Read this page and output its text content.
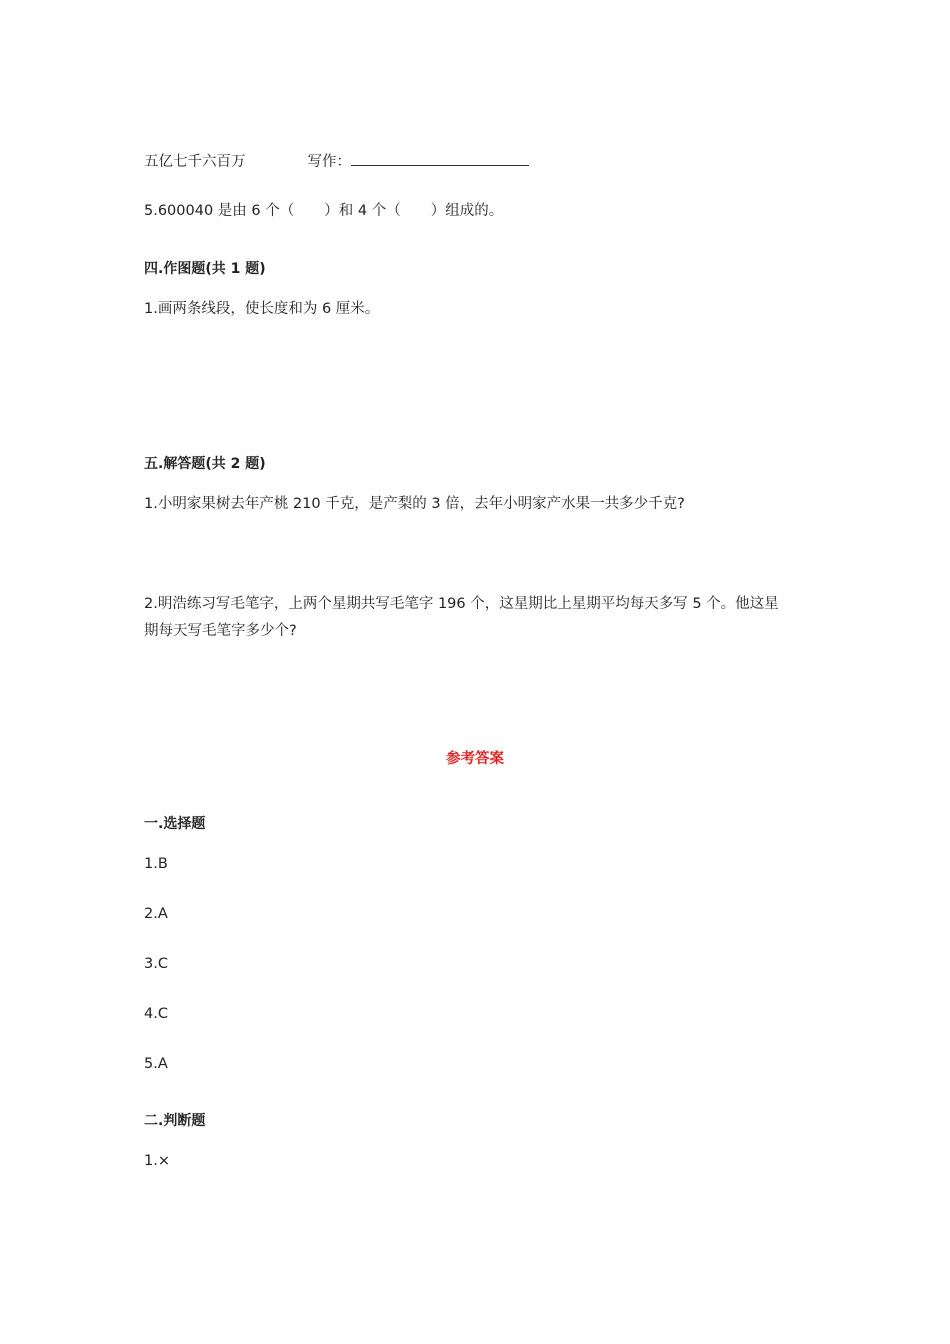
五亿七千六百万	写作：
5.600040 是由 6 个（ ）和 4 个（ ）组成的。
四.作图题(共 1 题)
1.画两条线段，使长度和为 6 厘米。
五.解答题(共 2 题)
1.小明家果树去年产桃 210 千克，是产梨的 3 倍，去年小明家产水果一共多少千克?
2.明浩练习写毛笔字，上两个星期共写毛笔字 196 个，这星期比上星期平均每天多写 5 个。他这星
期每天写毛笔字多少个?
参考答案
一.选择题
1.B
2.A
3.C
4.C
5.A
二.判断题
1.×
